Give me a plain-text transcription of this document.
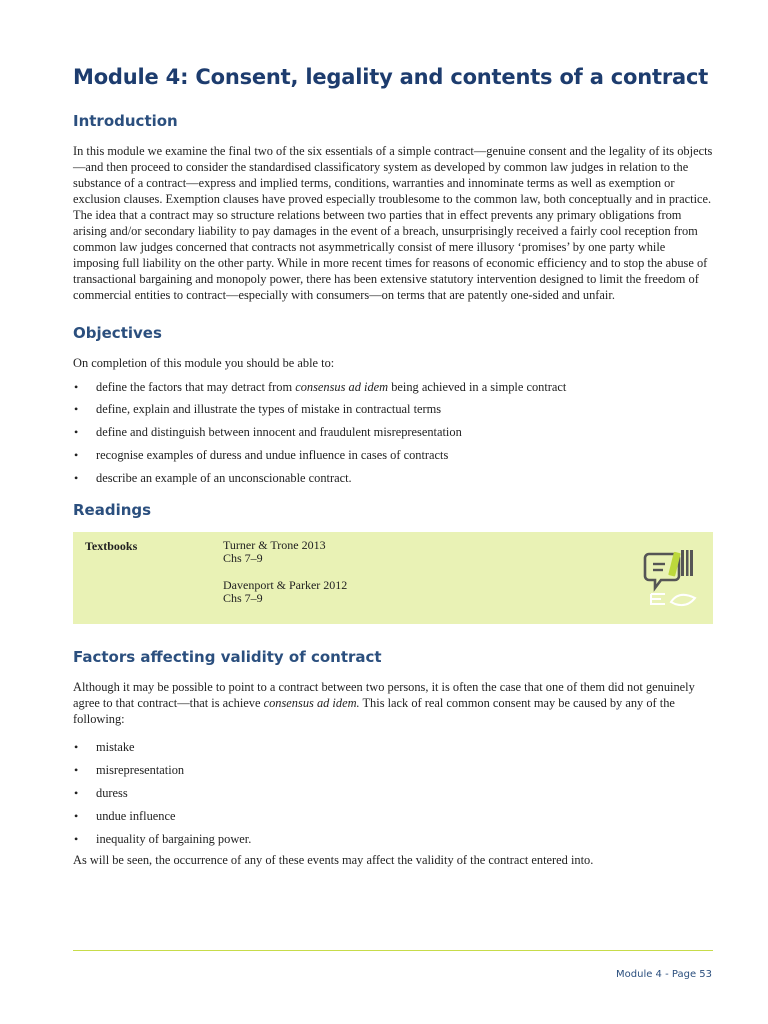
Module 4: Consent, legality and contents of a contract
Introduction

In this module we examine the final two of the six essentials of a simple contract—genuine consent and the legality of its objects—and then proceed to consider the standardised classificatory system as developed by common law judges in relation to the substance of a contract—express and implied terms, conditions, warranties and innominate terms as well as exemption or exclusion clauses. Exemption clauses have proved especially troublesome to the common law, both conceptually and in practice. The idea that a contract may so structure relations between two parties that in effect prevents any primary obligations from arising and/or secondary liability to pay damages in the event of a breach, unsurprisingly received a fairly cool reception from common law judges concerned that contracts not asymmetrically consist of mere illusory ‘promises’ by one party while imposing full liability on the other party. While in more recent times for reasons of economic efficiency and to stop the abuse of transactional bargaining and monopoly power, there has been extensive statutory intervention designed to limit the freedom of commercial entities to contract—especially with consumers—on terms that are patently one-sided and unfair.

Objectives

On completion of this module you should be able to:

• define the factors that may detract from consensus ad idem being achieved in a simple contract
• define, explain and illustrate the types of mistake in contractual terms
• define and distinguish between innocent and fraudulent misrepresentation
• recognise examples of duress and undue influence in cases of contracts
• describe an example of an unconscionable contract.
Readings
Textbooks	Turner & Trone 2013
Chs 7–9
Davenport & Parker 2012
Chs 7–9
Factors affecting validity of contract

Although it may be possible to point to a contract between two persons, it is often the case that one of them did not genuinely agree to that contract—that is achieve consensus ad idem. This lack of real common consent may be caused by any of the following:

• mistake
• misrepresentation
• duress
• undue influence
• inequality of bargaining power.

As will be seen, the occurrence of any of these events may affect the validity of the contract entered into.

Module 4 - Page 53
